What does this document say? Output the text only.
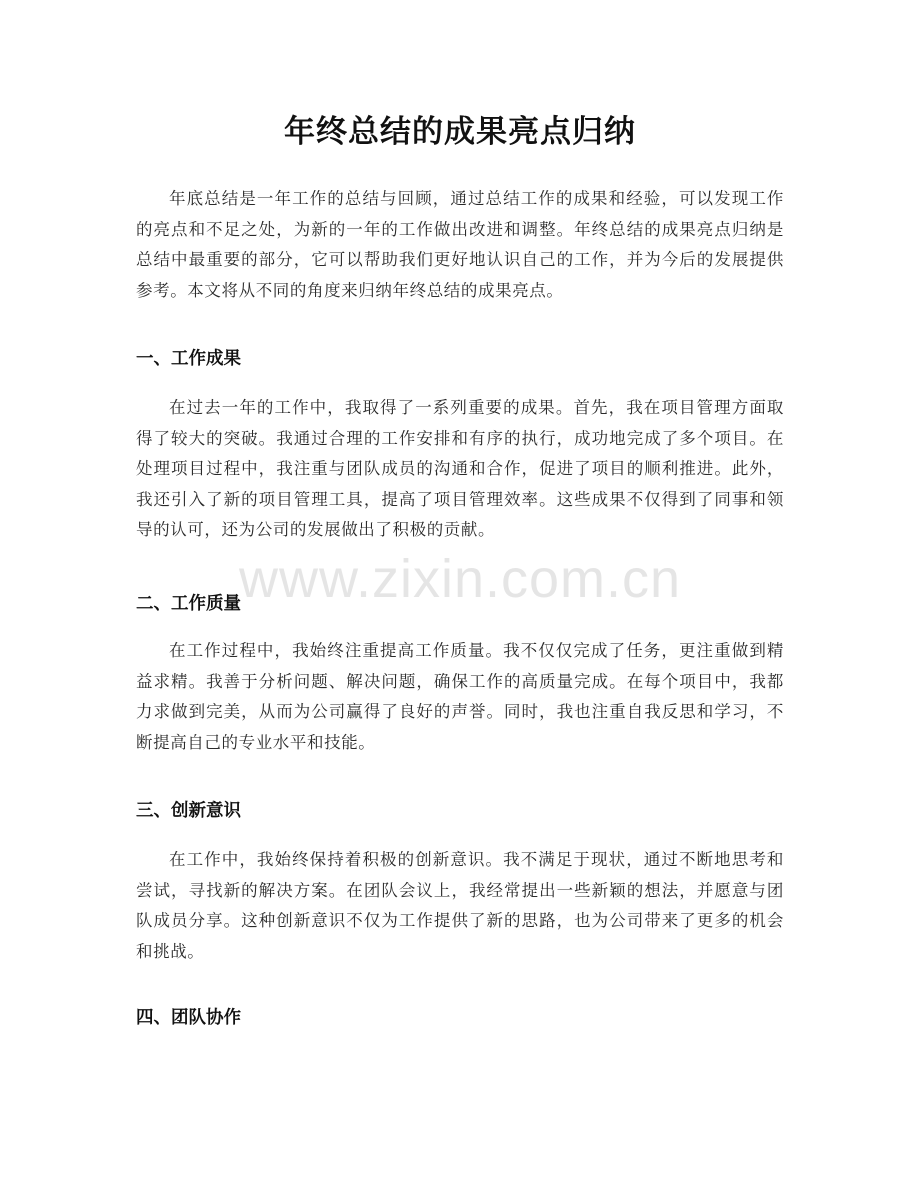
年终总结的成果亮点归纳
年底总结是一年工作的总结与回顾，通过总结工作的成果和经验，可以发现工作的亮点和不足之处，为新的一年的工作做出改进和调整。年终总结的成果亮点归纳是总结中最重要的部分，它可以帮助我们更好地认识自己的工作，并为今后的发展提供参考。本文将从不同的角度来归纳年终总结的成果亮点。
一、工作成果
在过去一年的工作中，我取得了一系列重要的成果。首先，我在项目管理方面取得了较大的突破。我通过合理的工作安排和有序的执行，成功地完成了多个项目。在处理项目过程中，我注重与团队成员的沟通和合作，促进了项目的顺利推进。此外，我还引入了新的项目管理工具，提高了项目管理效率。这些成果不仅得到了同事和领导的认可，还为公司的发展做出了积极的贡献。
二、工作质量
在工作过程中，我始终注重提高工作质量。我不仅仅完成了任务，更注重做到精益求精。我善于分析问题、解决问题，确保工作的高质量完成。在每个项目中，我都力求做到完美，从而为公司赢得了良好的声誉。同时，我也注重自我反思和学习，不断提高自己的专业水平和技能。
三、创新意识
在工作中，我始终保持着积极的创新意识。我不满足于现状，通过不断地思考和尝试，寻找新的解决方案。在团队会议上，我经常提出一些新颖的想法，并愿意与团队成员分享。这种创新意识不仅为工作提供了新的思路，也为公司带来了更多的机会和挑战。
四、团队协作
www.zixin.com.cn
